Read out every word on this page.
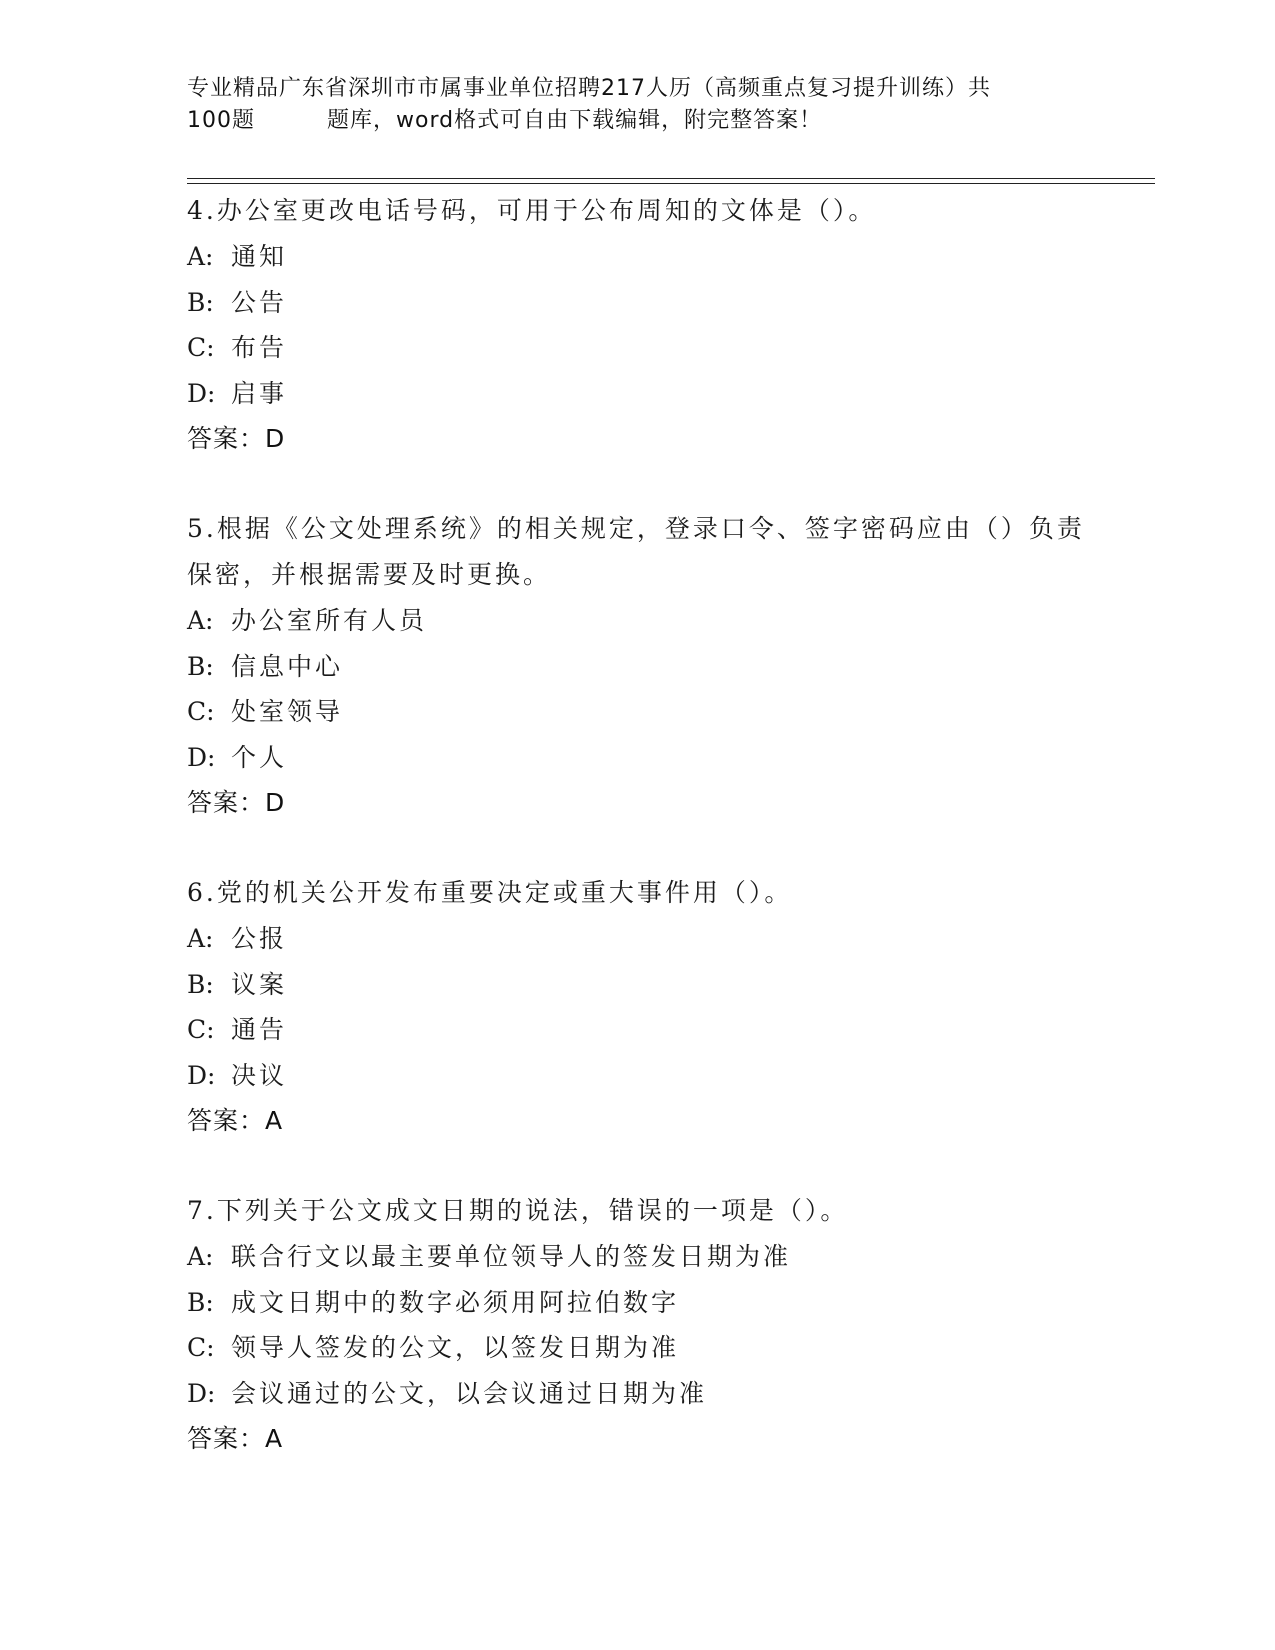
专业精品广东省深圳市市属事业单位招聘217人历（高频重点复习提升训练）共
100题	题库，word格式可自由下载编辑，附完整答案！
4.办公室更改电话号码，可用于公布周知的文体是（）。
A: 通知
B: 公告
C: 布告
D: 启事
答案：D
5.根据《公文处理系统》的相关规定，登录口令、签字密码应由（）负责保密，并根据需要及时更换。
A: 办公室所有人员
B: 信息中心
C: 处室领导
D: 个人
答案：D
6.党的机关公开发布重要决定或重大事件用（）。
A: 公报
B: 议案
C: 通告
D: 决议
答案：A
7.下列关于公文成文日期的说法，错误的一项是（）。
A: 联合行文以最主要单位领导人的签发日期为准
B: 成文日期中的数字必须用阿拉伯数字
C: 领导人签发的公文，以签发日期为准
D: 会议通过的公文，以会议通过日期为准
答案：A
